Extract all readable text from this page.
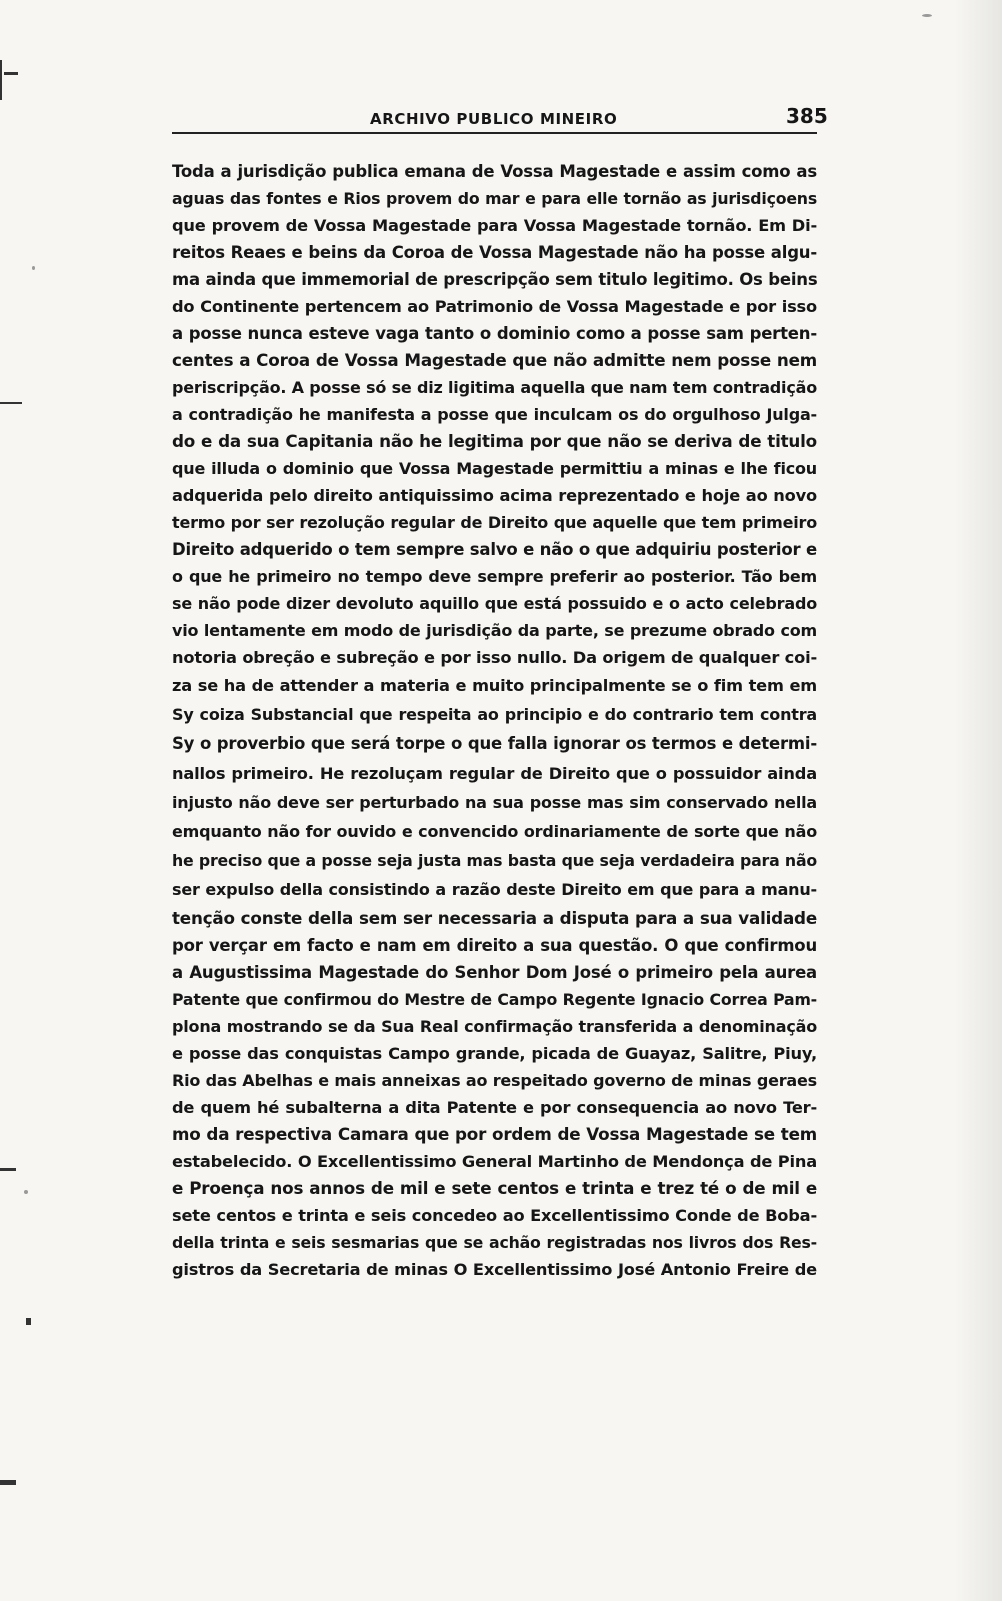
ARCHIVO PUBLICO MINEIRO	385
Toda a jurisdição publica emana de Vossa Magestade e assim como as
aguas das fontes e Rios provem do mar e para elle tornão as jurisdiçoens
que provem de Vossa Magestade para Vossa Magestade tornão. Em Di-
reitos Reaes e beins da Coroa de Vossa Magestade não ha posse algu-
ma ainda que immemorial de prescripção sem titulo legitimo. Os beins
do Continente pertencem ao Patrimonio de Vossa Magestade e por isso
a posse nunca esteve vaga tanto o dominio como a posse sam perten-
centes a Coroa de Vossa Magestade que não admitte nem posse nem
periscripção. A posse só se diz ligitima aquella que nam tem contradição
a contradição he manifesta a posse que inculcam os do orgulhoso Julga-
do e da sua Capitania não he legitima por que não se deriva de titulo
que illuda o dominio que Vossa Magestade permittiu a minas e lhe ficou
adquerida pelo direito antiquissimo acima reprezentado e hoje ao novo
termo por ser rezolução regular de Direito que aquelle que tem primeiro
Direito adquerido o tem sempre salvo e não o que adquiriu posterior e
o que he primeiro no tempo deve sempre preferir ao posterior. Tão bem
se não pode dizer devoluto aquillo que está possuido e o acto celebrado
vio lentamente em modo de jurisdição da parte, se prezume obrado com
notoria obreção e subreção e por isso nullo. Da origem de qualquer coi-
za se ha de attender a materia e muito principalmente se o fim tem em
Sy coiza Substancial que respeita ao principio e do contrario tem contra
Sy o proverbio que será torpe o que falla ignorar os termos e determi-
nallos primeiro. He rezoluçam regular de Direito que o possuidor ainda
injusto não deve ser perturbado na sua posse mas sim conservado nella
emquanto não for ouvido e convencido ordinariamente de sorte que não
he preciso que a posse seja justa mas basta que seja verdadeira para não
ser expulso della consistindo a razão deste Direito em que para a manu-
tenção conste della sem ser necessaria a disputa para a sua validade
por verçar em facto e nam em direito a sua questão. O que confirmou
a Augustissima Magestade do Senhor Dom José o primeiro pela aurea
Patente que confirmou do Mestre de Campo Regente Ignacio Correa Pam-
plona mostrando se da Sua Real confirmação transferida a denominação
e posse das conquistas Campo grande, picada de Guayaz, Salitre, Piuy,
Rio das Abelhas e mais anneixas ao respeitado governo de minas geraes
de quem hé subalterna a dita Patente e por consequencia ao novo Ter-
mo da respectiva Camara que por ordem de Vossa Magestade se tem
estabelecido. O Excellentissimo General Martinho de Mendonça de Pina
e Proença nos annos de mil e sete centos e trinta e trez té o de mil e
sete centos e trinta e seis concedeo ao Excellentissimo Conde de Boba-
della trinta e seis sesmarias que se achão registradas nos livros dos Res-
gistros da Secretaria de minas O Excellentissimo José Antonio Freire de
